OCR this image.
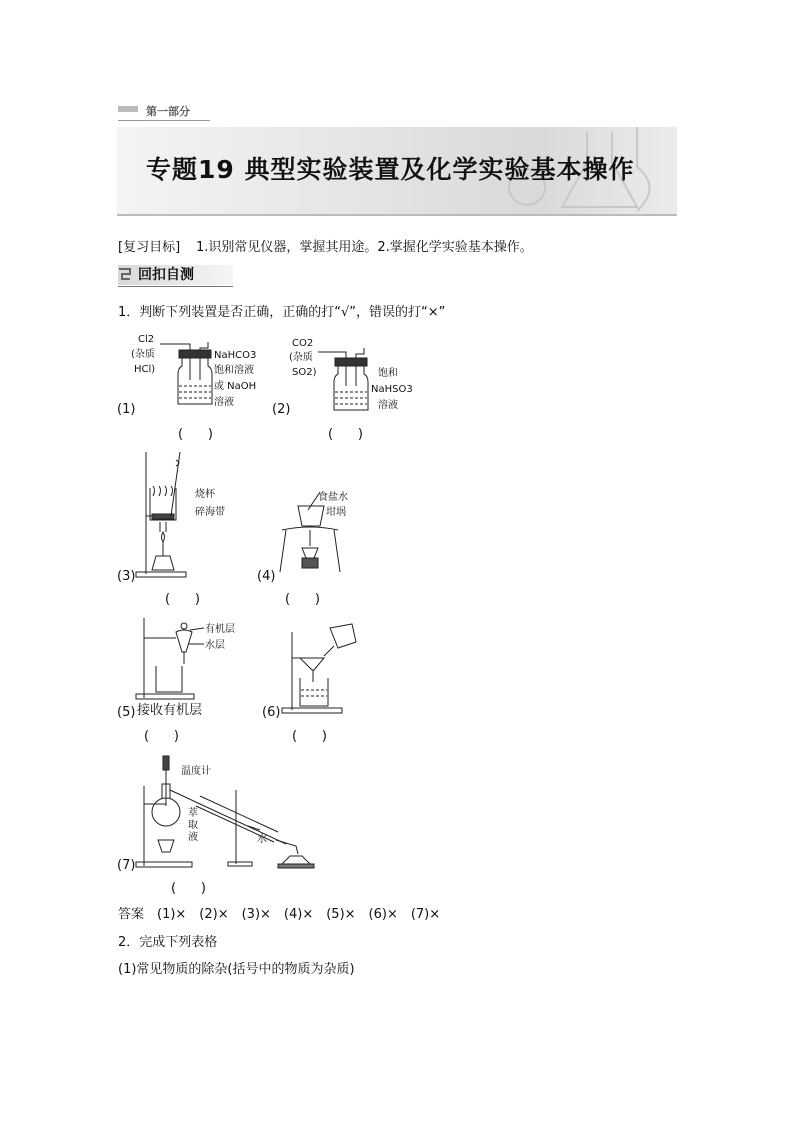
第一部分
专题19 典型实验装置及化学实验基本操作
[复习目标] 1.识别常见仪器，掌握其用途。2.掌握化学实验基本操作。
回扣自测
1．判断下列装置是否正确，正确的打“√”，错误的打“×”
(1)
Cl2
(杂质
HCl)
NaHCO3
饱和溶液
或 NaOH
溶液
(      )
(2)
CO2
(杂质
SO2)	饱和
NaHSO3
溶液
(      )
(3)
烧杯
碎海带
(      )
(4)
食盐水
坩埚
(      )
(5)
有机层
水层
接收有机层
(      )
(6)
(      )
(7)
温度计
萃
取
液	水
(      )
答案　(1)×　(2)×　(3)×　(4)×　(5)×　(6)×　(7)×
2．完成下列表格
(1)常见物质的除杂(括号中的物质为杂质)
